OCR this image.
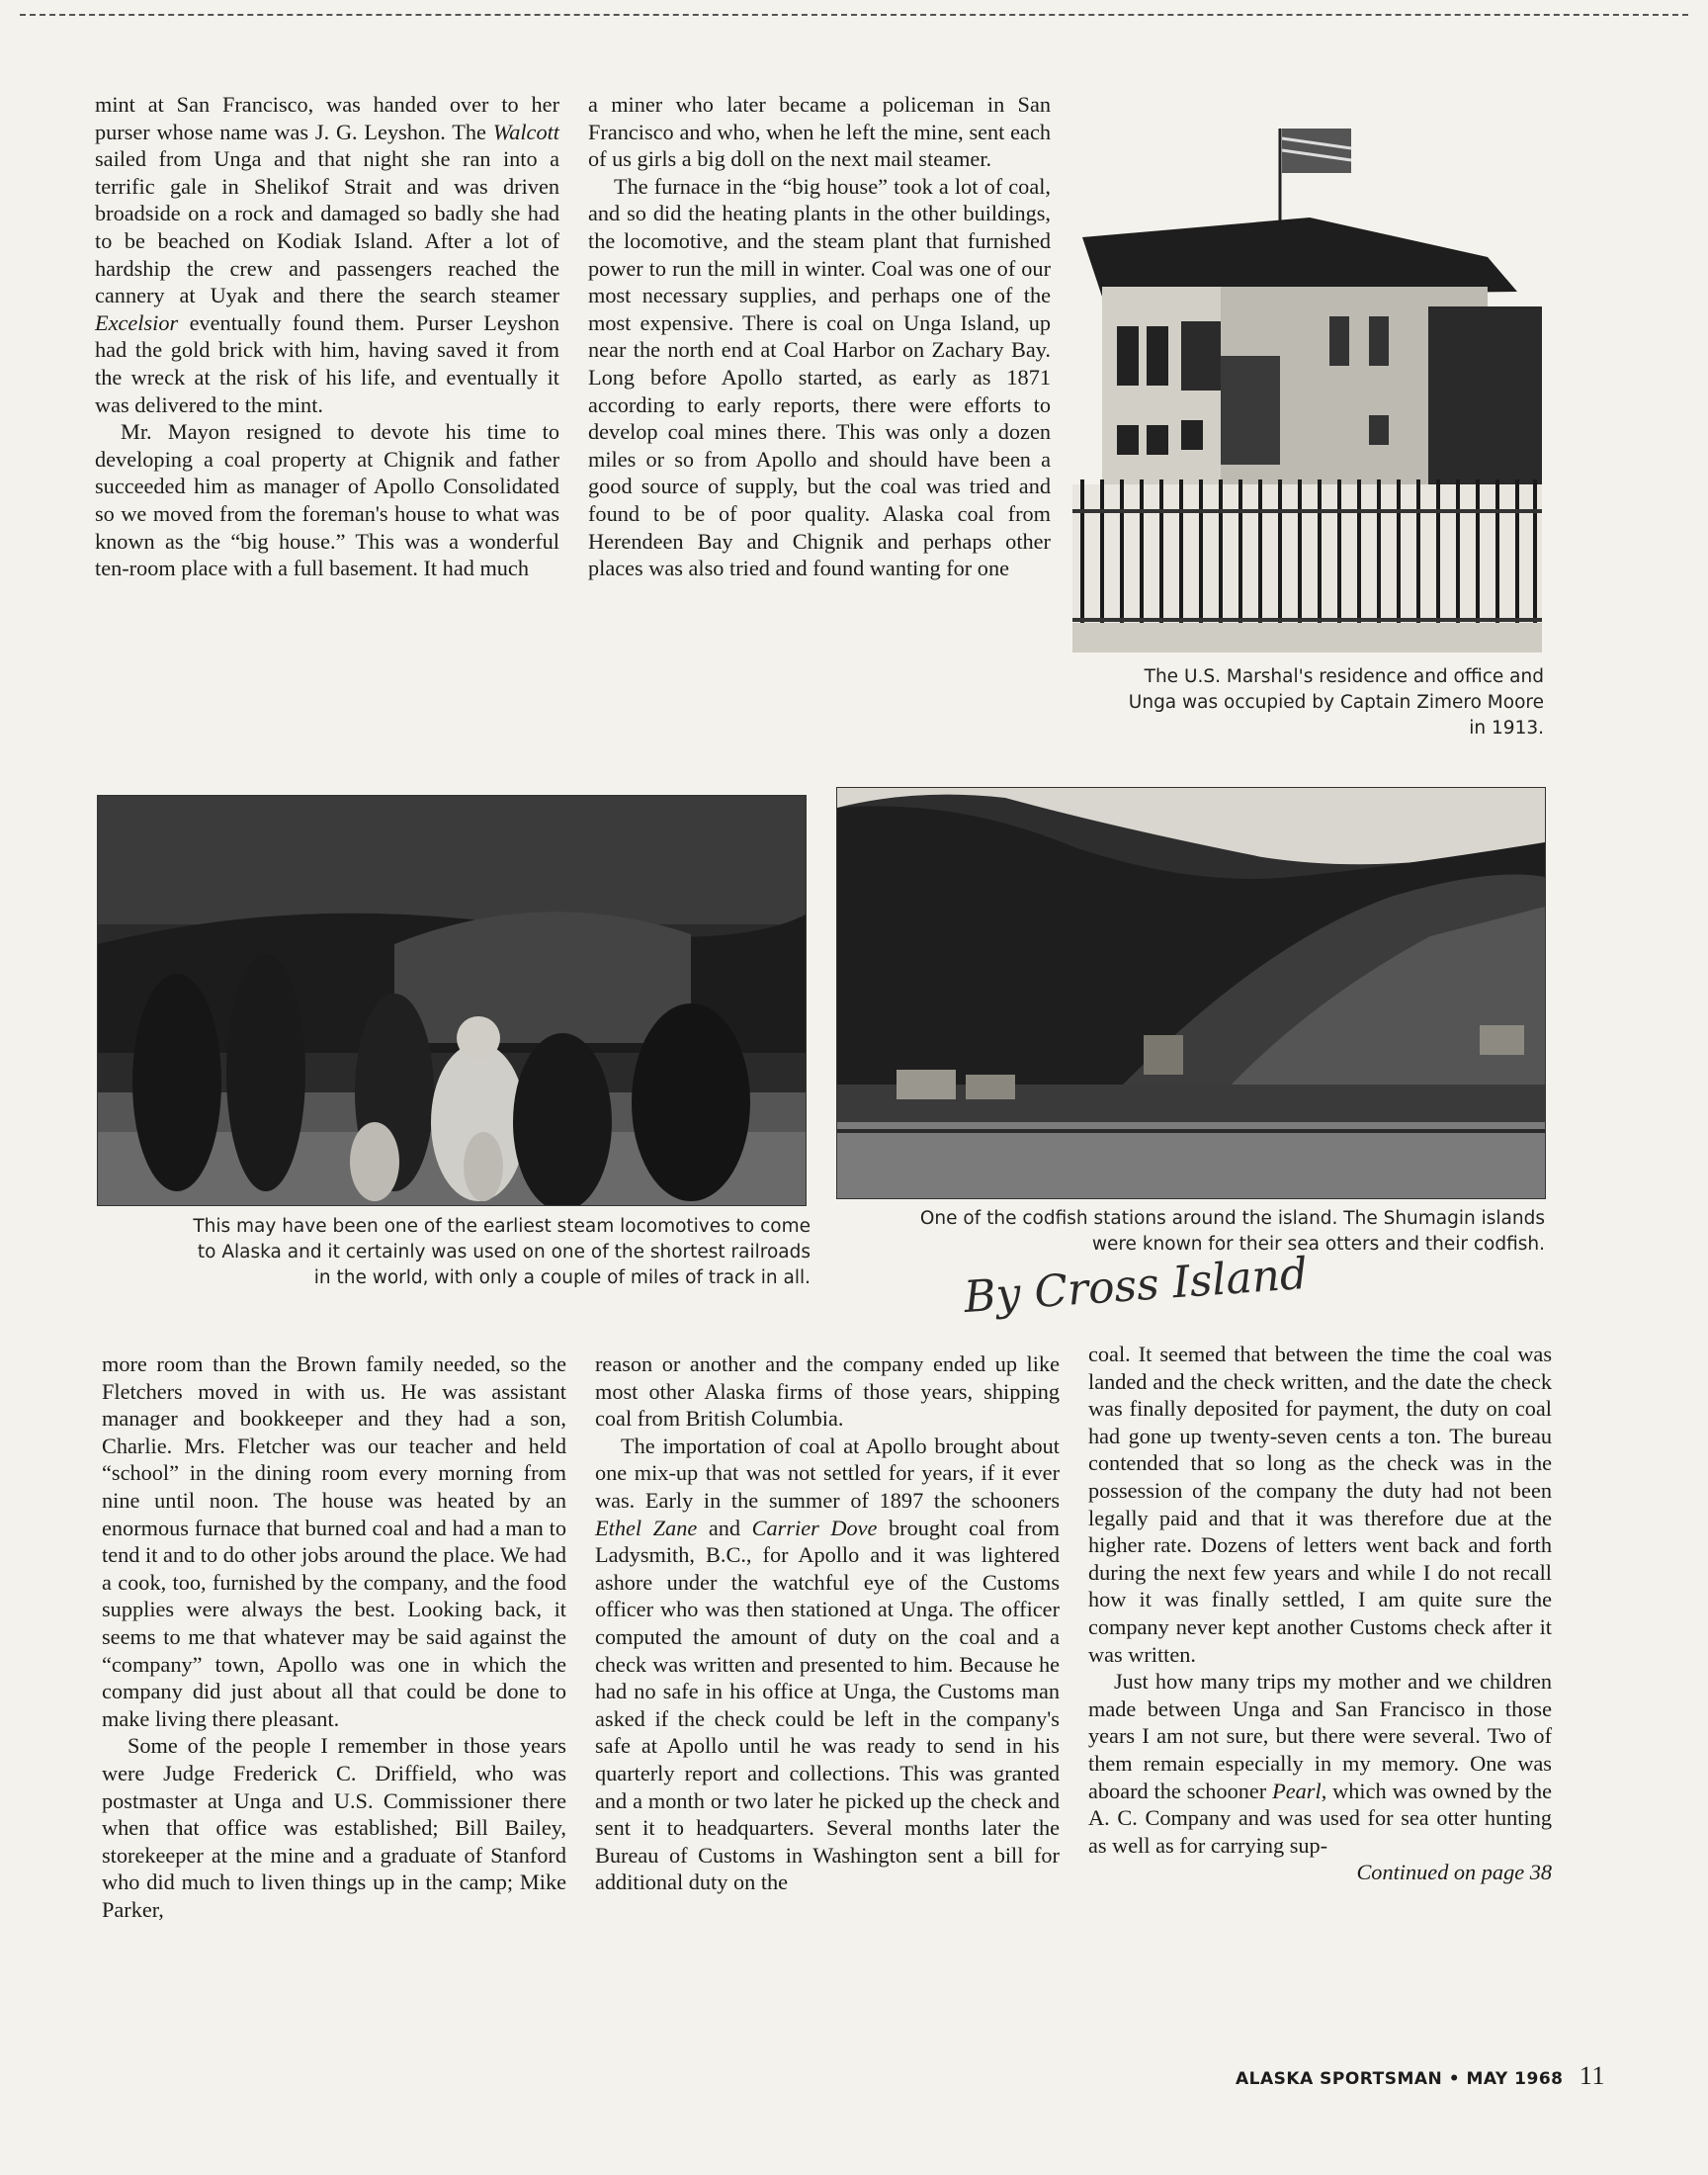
mint at San Francisco, was handed over to her purser whose name was J. G. Leyshon. The Walcott sailed from Unga and that night she ran into a terrific gale in Shelikof Strait and was driven broadside on a rock and damaged so badly she had to be beached on Kodiak Island. After a lot of hardship the crew and passengers reached the cannery at Uyak and there the search steamer Excelsior eventually found them. Purser Leyshon had the gold brick with him, having saved it from the wreck at the risk of his life, and eventually it was delivered to the mint.

Mr. Mayon resigned to devote his time to developing a coal property at Chignik and father succeeded him as manager of Apollo Consolidated so we moved from the foreman's house to what was known as the “big house.” This was a wonderful ten-room place with a full basement. It had much

a miner who later became a policeman in San Francisco and who, when he left the mine, sent each of us girls a big doll on the next mail steamer.

The furnace in the “big house” took a lot of coal, and so did the heating plants in the other buildings, the locomotive, and the steam plant that furnished power to run the mill in winter. Coal was one of our most necessary supplies, and perhaps one of the most expensive. There is coal on Unga Island, up near the north end at Coal Harbor on Zachary Bay. Long before Apollo started, as early as 1871 according to early reports, there were efforts to develop coal mines there. This was only a dozen miles or so from Apollo and should have been a good source of supply, but the coal was tried and found to be of poor quality. Alaska coal from Herendeen Bay and Chignik and perhaps other places was also tried and found wanting for one

The U.S. Marshal's residence and office and Unga was occupied by Captain Zimero Moore in 1913.
This may have been one of the earliest steam locomotives to come to Alaska and it certainly was used on one of the shortest railroads in the world, with only a couple of miles of track in all.
One of the codfish stations around the island. The Shumagin islands were known for their sea otters and their codfish.
By Cross Island

more room than the Brown family needed, so the Fletchers moved in with us. He was assistant manager and bookkeeper and they had a son, Charlie. Mrs. Fletcher was our teacher and held “school” in the dining room every morning from nine until noon. The house was heated by an enormous furnace that burned coal and had a man to tend it and to do other jobs around the place. We had a cook, too, furnished by the company, and the food supplies were always the best. Looking back, it seems to me that whatever may be said against the “company” town, Apollo was one in which the company did just about all that could be done to make living there pleasant.

Some of the people I remember in those years were Judge Frederick C. Driffield, who was postmaster at Unga and U.S. Commissioner there when that office was established; Bill Bailey, storekeeper at the mine and a graduate of Stanford who did much to liven things up in the camp; Mike Parker,

reason or another and the company ended up like most other Alaska firms of those years, shipping coal from British Columbia.

The importation of coal at Apollo brought about one mix-up that was not settled for years, if it ever was. Early in the summer of 1897 the schooners Ethel Zane and Carrier Dove brought coal from Ladysmith, B.C., for Apollo and it was lightered ashore under the watchful eye of the Customs officer who was then stationed at Unga. The officer computed the amount of duty on the coal and a check was written and presented to him. Because he had no safe in his office at Unga, the Customs man asked if the check could be left in the company's safe at Apollo until he was ready to send in his quarterly report and collections. This was granted and a month or two later he picked up the check and sent it to headquarters. Several months later the Bureau of Customs in Washington sent a bill for additional duty on the

coal. It seemed that between the time the coal was landed and the check written, and the date the check was finally deposited for payment, the duty on coal had gone up twenty-seven cents a ton. The bureau contended that so long as the check was in the possession of the company the duty had not been legally paid and that it was therefore due at the higher rate. Dozens of letters went back and forth during the next few years and while I do not recall how it was finally settled, I am quite sure the company never kept another Customs check after it was written.

Just how many trips my mother and we children made between Unga and San Francisco in those years I am not sure, but there were several. Two of them remain especially in my memory. One was aboard the schooner Pearl, which was owned by the A. C. Company and was used for sea otter hunting as well as for carrying sup-

Continued on page 38

ALASKA SPORTSMAN • MAY 1968 11
